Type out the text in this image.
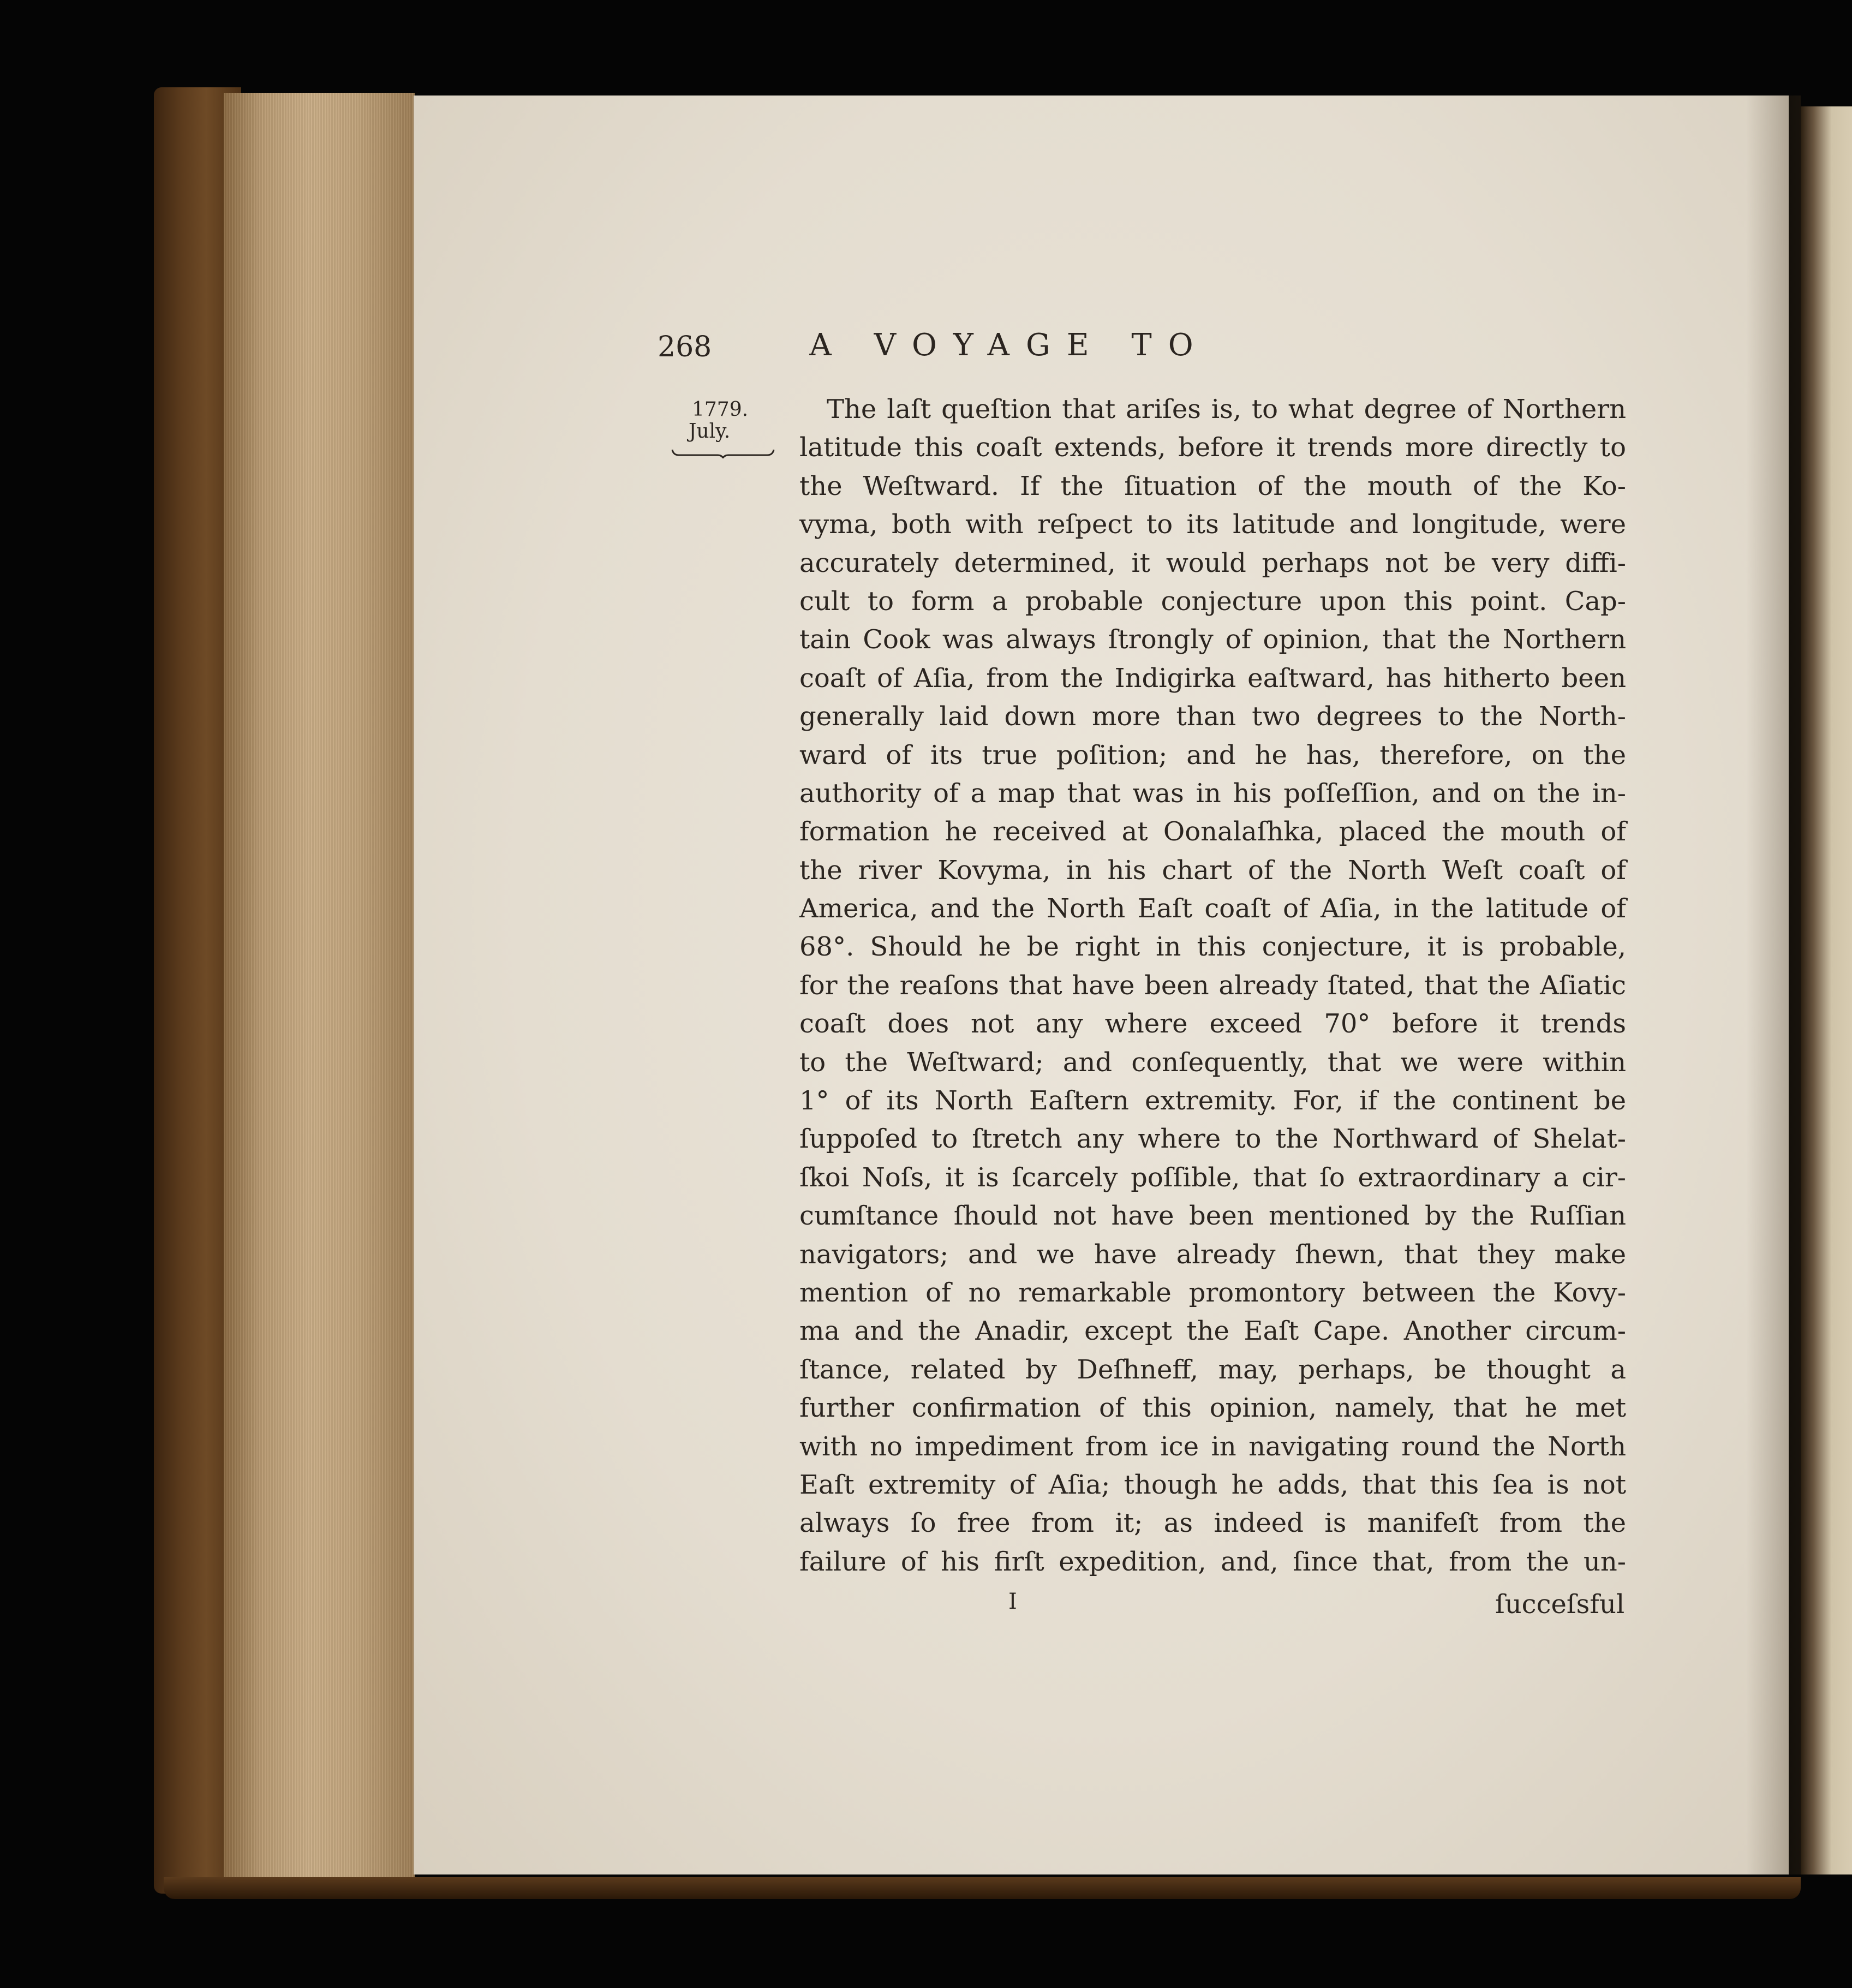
268	A VOYAGE TO
1779.
July.
The laſt queſtion that ariſes is, to what degree of Northern
latitude this coaſt extends, before it trends more directly to
the Weſtward. If the ſituation of the mouth of the Ko-
vyma, both with reſpect to its latitude and longitude, were
accurately determined, it would perhaps not be very diffi-
cult to form a probable conjecture upon this point. Cap-
tain Cook was always ſtrongly of opinion, that the Northern
coaſt of Aſia, from the Indigirka eaſtward, has hitherto been
generally laid down more than two degrees to the North-
ward of its true poſition; and he has, therefore, on the
authority of a map that was in his poſſeſſion, and on the in-
formation he received at Oonalaſhka, placed the mouth of
the river Kovyma, in his chart of the North Weſt coaſt of
America, and the North Eaſt coaſt of Aſia, in the latitude of
68°. Should he be right in this conjecture, it is probable,
for the reaſons that have been already ſtated, that the Aſiatic
coaſt does not any where exceed 70° before it trends
to the Weſtward; and conſequently, that we were within
1° of its North Eaſtern extremity. For, if the continent be
ſuppoſed to ſtretch any where to the Northward of Shelat-
ſkoi Noſs, it is ſcarcely poſſible, that ſo extraordinary a cir-
cumſtance ſhould not have been mentioned by the Ruſſian
navigators; and we have already ſhewn, that they make
mention of no remarkable promontory between the Kovy-
ma and the Anadir, except the Eaſt Cape. Another circum-
ſtance, related by Deſhneff, may, perhaps, be thought a
further confirmation of this opinion, namely, that he met
with no impediment from ice in navigating round the North
Eaſt extremity of Aſia; though he adds, that this ſea is not
always ſo free from it; as indeed is manifeſt from the
failure of his firſt expedition, and, ſince that, from the un-
I	ſucceſsful
